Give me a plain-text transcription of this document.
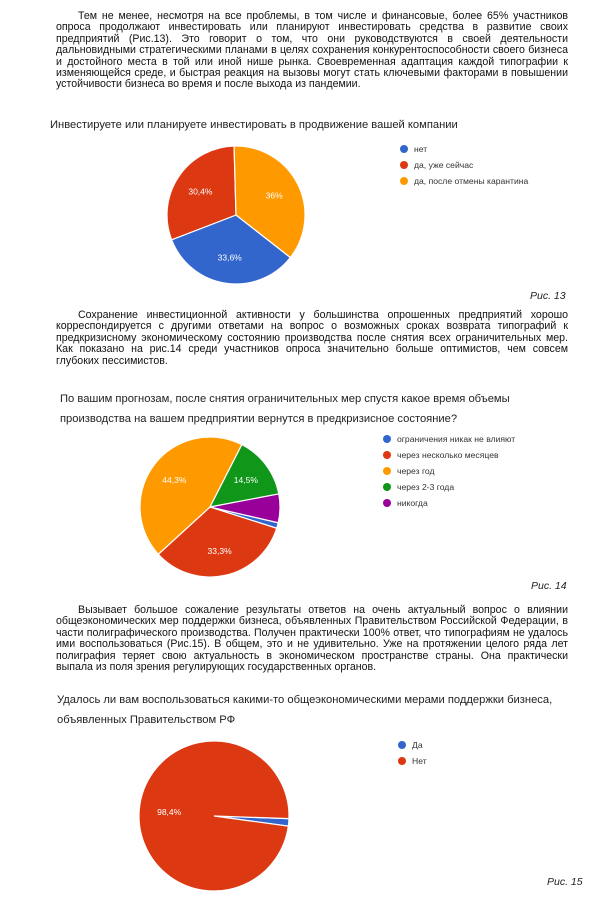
Тем не менее, несмотря на все проблемы, в том числе и финансовые, более 65% участников опроса продолжают инвестировать или планируют инвестировать средства в развитие своих предприятий (Рис.13). Это говорит о том, что они руководствуются в своей деятельности дальновидными стратегическими планами в целях сохранения конкурентоспособности своего бизнеса и достойного места в той или иной нише рынка. Своевременная адаптация каждой типографии к изменяющейся среде, и быстрая реакция на вызовы могут стать ключевыми факторами в повышении устойчивости бизнеса во время и после выхода из пандемии.

Инвестируете или планируете инвестировать в продвижение вашей компании
33,6%
30,4%	36%
нет
да, уже сейчас
да, после отмены карантина
Рис. 13

Сохранение инвестиционной активности у большинства опрошенных предприятий хорошо корреспондируется с другими ответами на вопрос о возможных сроках возврата типографий к предкризисному экономическому состоянию производства после снятия всех ограничительных мер. Как показано на рис.14 среди участников опроса значительно больше оптимистов, чем совсем глубоких пессимистов.

По вашим прогнозам, после снятия ограничительных мер спустя какое время объемы производства на вашем предприятии вернутся в предкризисное состояние?
33,3%
44,3%	14,5%
ограничения никак не влияют
через несколько месяцев
через год
через 2-3 года
никогда
Рис. 14

Вызывает большое сожаление результаты ответов на очень актуальный вопрос о влиянии общеэкономических мер поддержки бизнеса, объявленных Правительством Российской Федерации, в части полиграфического производства. Получен практически 100% ответ, что типографиям не удалось ими воспользоваться (Рис.15). В общем, это и не удивительно. Уже на протяжении целого ряда лет полиграфия теряет свою актуальность в экономическом пространстве страны. Она практически выпала из поля зрения регулирующих государственных органов.

Удалось ли вам воспользоваться какими-то общеэкономическими мерами поддержки бизнеса, объявленных Правительством РФ
98,4%
Да
Нет
Рис. 15
